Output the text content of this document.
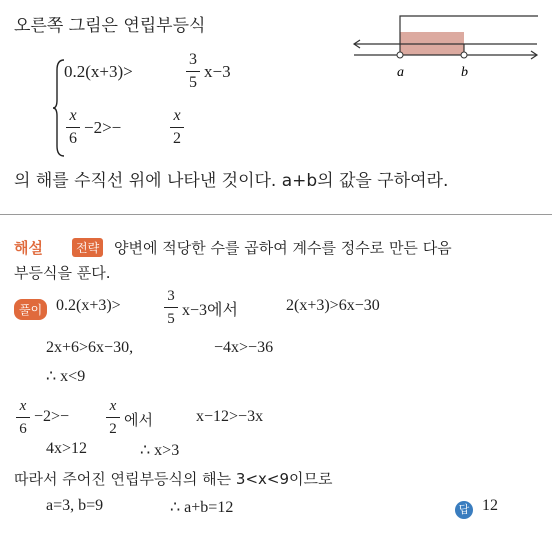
오른쪽 그림은 연립부등식
0.2(x+3)>
3
5
x−3
x
6
−2>−
x
2
의 해를 수직선 위에 나타낸 것이다. a+b의 값을 구하여라.
a	b
해설	전략 양변에 적당한 수를 곱하여 계수를 정수로 만든 다음
부등식을 푼다.
풀이 0.2(x+3)>
3
5 x−3에서	2(x+3)>6x−30
2x+6>6x−30,	−4x>−36
∴ x<9
x
6
−2>−
x
2 에서	x−12>−3x
4x>12	∴ x>3
따라서 주어진 연립부등식의 해는 3<x<9이므로
a=3, b=9	∴ a+b=12	답 12
